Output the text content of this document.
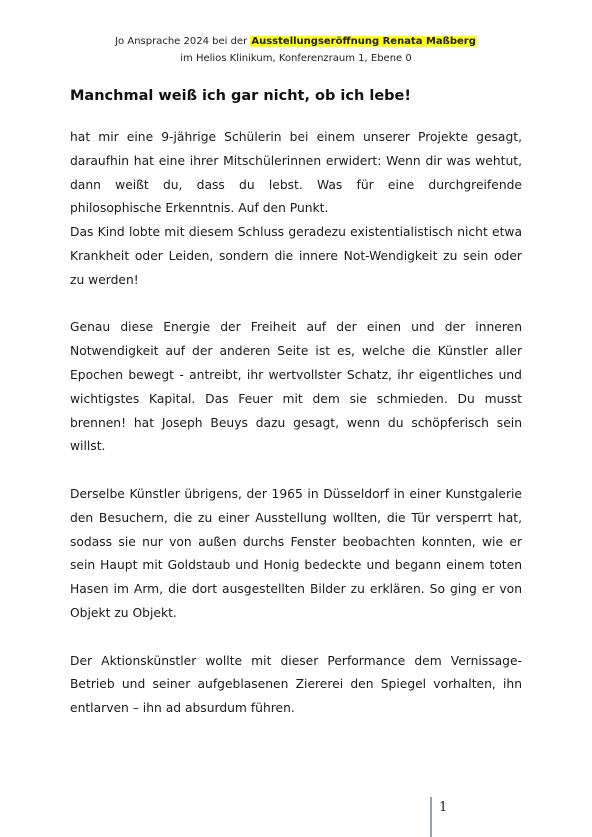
Jo Ansprache 2024 bei der Ausstellungseröffnung Renata Maßberg
im Helios Klinikum, Konferenzraum 1, Ebene 0
Manchmal weiß ich gar nicht, ob ich lebe!

hat mir eine 9-jährige Schülerin bei einem unserer Projekte gesagt, daraufhin hat eine ihrer Mitschülerinnen erwidert: Wenn dir was wehtut, dann weißt du, dass du lebst. Was für eine durchgreifende philosophische Erkenntnis. Auf den Punkt.

Das Kind lobte mit diesem Schluss geradezu existentialistisch nicht etwa Krankheit oder Leiden, sondern die innere Not-Wendigkeit zu sein oder zu werden!

Genau diese Energie der Freiheit auf der einen und der inneren Notwendigkeit auf der anderen Seite ist es, welche die Künstler aller Epochen bewegt - antreibt, ihr wertvollster Schatz, ihr eigentliches und wichtigstes Kapital. Das Feuer mit dem sie schmieden. Du musst brennen! hat Joseph Beuys dazu gesagt, wenn du schöpferisch sein willst.

Derselbe Künstler übrigens, der 1965 in Düsseldorf in einer Kunstgalerie den Besuchern, die zu einer Ausstellung wollten, die Tür versperrt hat, sodass sie nur von außen durchs Fenster beobachten konnten, wie er sein Haupt mit Goldstaub und Honig bedeckte und begann einem toten Hasen im Arm, die dort ausgestellten Bilder zu erklären. So ging er von Objekt zu Objekt.

Der Aktionskünstler wollte mit dieser Performance dem Vernissage-Betrieb und seiner aufgeblasenen Ziererei den Spiegel vorhalten, ihn entlarven – ihn ad absurdum führen.

1
